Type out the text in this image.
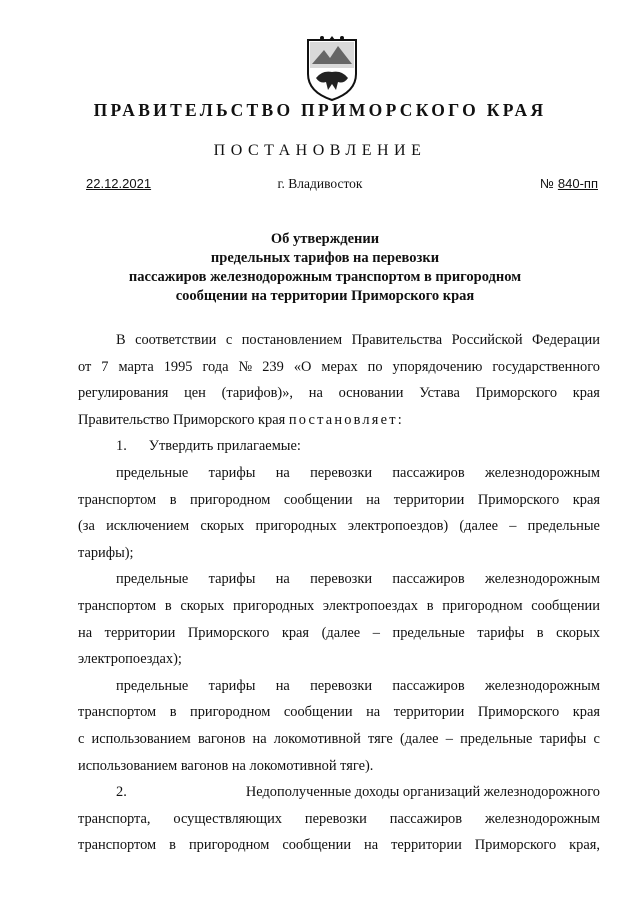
ПРАВИТЕЛЬСТВО ПРИМОРСКОГО КРАЯ
ПОСТАНОВЛЕНИЕ
22.12.2021	г. Владивосток	№ 840-пп
Об утверждении
предельных тарифов на перевозки
пассажиров железнодорожным транспортом в пригородном
сообщении на территории Приморского края
В соответствии с постановлением Правительства Российской Федерации
от 7 марта 1995 года № 239 «О мерах по упорядочению государственного
регулирования цен (тарифов)», на основании Устава Приморского края
Правительство Приморского края
постановляет:
1. Утвердить прилагаемые:
предельные тарифы на перевозки пассажиров железнодорожным
транспортом в пригородном сообщении на территории Приморского края
(за исключением скорых пригородных электропоездов) (далее – предельные
тарифы);
предельные тарифы на перевозки пассажиров железнодорожным
транспортом в скорых пригородных электропоездах в пригородном сообщении
на территории Приморского края (далее – предельные тарифы в скорых
электропоездах);
предельные тарифы на перевозки пассажиров железнодорожным
транспортом в пригородном сообщении на территории Приморского края
с использованием вагонов на локомотивной тяге (далее – предельные тарифы с
использованием вагонов на локомотивной тяге).
2.	Недополученные доходы организаций железнодорожного
транспорта, осуществляющих перевозки пассажиров железнодорожным
транспортом в пригородном сообщении на территории Приморского края,
